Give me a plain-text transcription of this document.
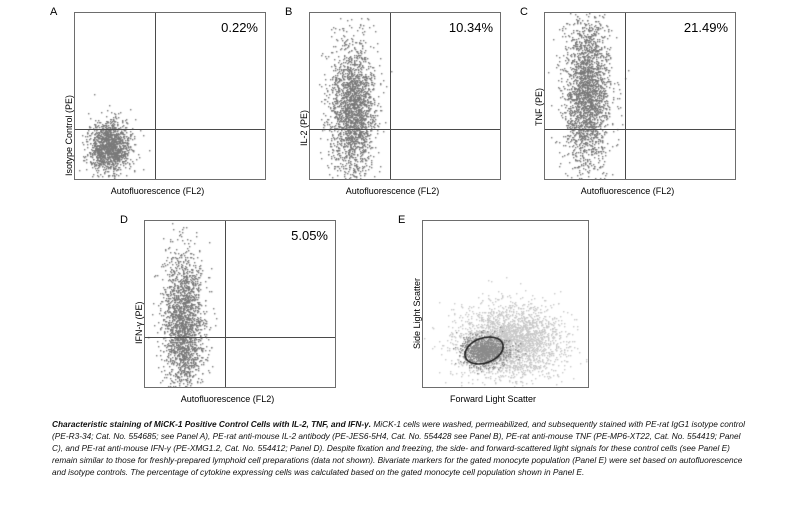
A
Isotype Control (PE)
0.22%
Autofluorescence (FL2)
B
IL-2 (PE)
10.34%
Autofluorescence (FL2)
C
TNF (PE)
21.49%
Autofluorescence (FL2)
D
IFN-γ (PE)
5.05%
Autofluorescence (FL2)
E
Side Light Scatter
Forward Light Scatter
Characteristic staining of MiCK-1 Positive Control Cells with IL-2, TNF, and IFN-γ. MiCK-1 cells were washed, permeabilized, and subsequently stained with PE-rat IgG1 isotype control (PE-R3-34; Cat. No. 554685; see Panel A), PE-rat anti-mouse IL-2 antibody (PE-JES6-5H4, Cat. No. 554428 see Panel B), PE-rat anti-mouse TNF (PE-MP6-XT22, Cat. No. 554419; Panel C), and PE-rat anti-mouse IFN-γ (PE-XMG1.2, Cat. No. 554412; Panel D). Despite fixation and freezing, the side- and forward-scattered light signals for these control cells (see Panel E) remain similar to those for freshly-prepared lymphoid cell preparations (data not shown). Bivariate markers for the gated monocyte population (Panel E) were set based on autofluorescence and isotype controls. The percentage of cytokine expressing cells was calculated based on the gated monocyte cell population shown in Panel E.
